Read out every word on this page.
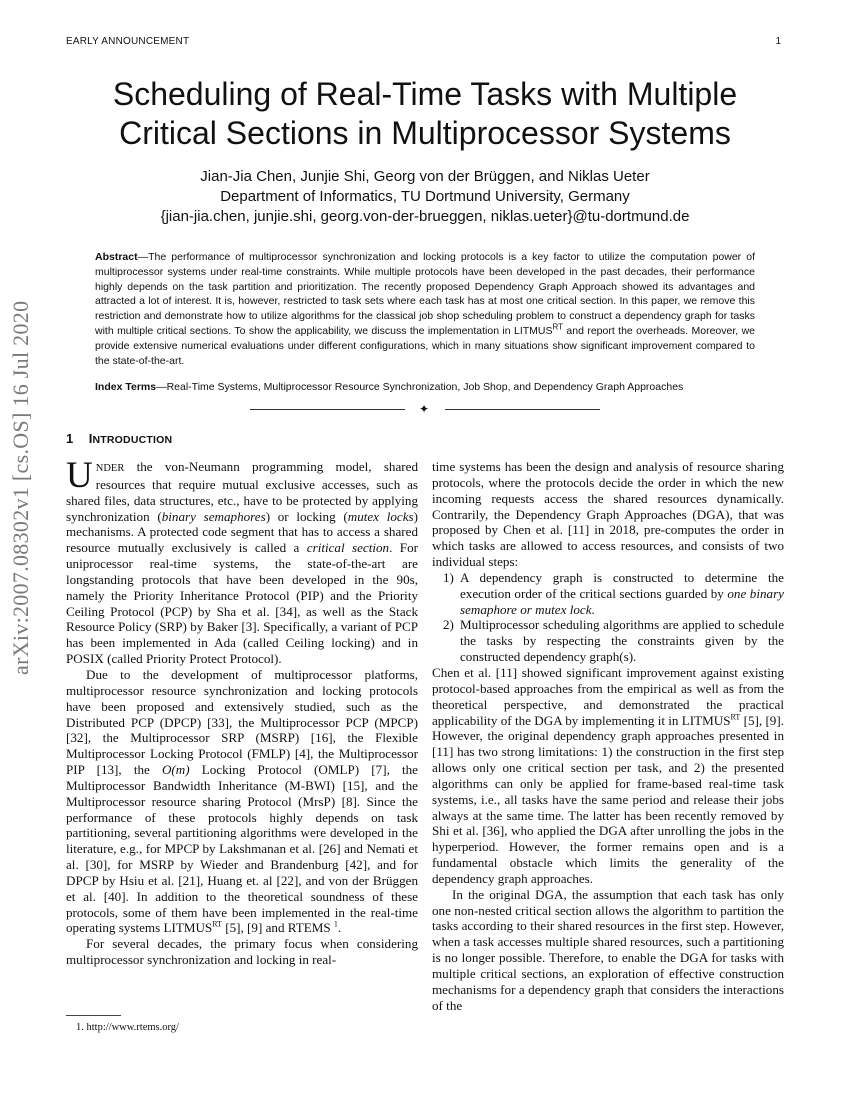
EARLY ANNOUNCEMENT	1
arXiv:2007.08302v1 [cs.OS] 16 Jul 2020
Scheduling of Real-Time Tasks with Multiple Critical Sections in Multiprocessor Systems
Jian-Jia Chen, Junjie Shi, Georg von der Brüggen, and Niklas Ueter
Department of Informatics, TU Dortmund University, Germany
{jian-jia.chen, junjie.shi, georg.von-der-brueggen, niklas.ueter}@tu-dortmund.de

Abstract—The performance of multiprocessor synchronization and locking protocols is a key factor to utilize the computation power of multiprocessor systems under real-time constraints. While multiple protocols have been developed in the past decades, their performance highly depends on the task partition and prioritization. The recently proposed Dependency Graph Approach showed its advantages and attracted a lot of interest. It is, however, restricted to task sets where each task has at most one critical section. In this paper, we remove this restriction and demonstrate how to utilize algorithms for the classical job shop scheduling problem to construct a dependency graph for tasks with multiple critical sections. To show the applicability, we discuss the implementation in $LITMUS^{RT}$ and report the overheads. Moreover, we provide extensive numerical evaluations under different configurations, which in many situations show significant improvement compared to the state-of-the-art.

Index Terms—Real-Time Systems, Multiprocessor Resource Synchronization, Job Shop, and Dependency Graph Approaches
✦
1 INTRODUCTION

UNDER the von-Neumann programming model, shared resources that require mutual exclusive accesses, such as shared files, data structures, etc., have to be protected by applying synchronization (binary semaphores) or locking (mutex locks) mechanisms. A protected code segment that has to access a shared resource mutually exclusively is called a critical section. For uniprocessor real-time systems, the state-of-the-art are longstanding protocols that have been developed in the 90s, namely the Priority Inheritance Protocol (PIP) and the Priority Ceiling Protocol (PCP) by Sha et al. [34], as well as the Stack Resource Policy (SRP) by Baker [3]. Specifically, a variant of PCP has been implemented in Ada (called Ceiling locking) and in POSIX (called Priority Protect Protocol).

Due to the development of multiprocessor platforms, multiprocessor resource synchronization and locking protocols have been proposed and extensively studied, such as the Distributed PCP (DPCP) [33], the Multiprocessor PCP (MPCP) [32], the Multiprocessor SRP (MSRP) [16], the Flexible Multiprocessor Locking Protocol (FMLP) [4], the Multiprocessor PIP [13], the O(m) Locking Protocol (OMLP) [7], the Multiprocessor Bandwidth Inheritance (M-BWI) [15], and the Multiprocessor resource sharing Protocol (MrsP) [8]. Since the performance of these protocols highly depends on task partitioning, several partitioning algorithms were developed in the literature, e.g., for MPCP by Lakshmanan et al. [26] and Nemati et al. [30], for MSRP by Wieder and Brandenburg [42], and for DPCP by Hsiu et al. [21], Huang et. al [22], and von der Brüggen et al. [40]. In addition to the theoretical soundness of these protocols, some of them have been implemented in the real-time operating systems $LITMUS^{RT}$ [5], [9] and RTEMS $^1$.

For several decades, the primary focus when considering multiprocessor synchronization and locking in real-

time systems has been the design and analysis of resource sharing protocols, where the protocols decide the order in which the new incoming requests access the shared resources dynamically. Contrarily, the Dependency Graph Approaches (DGA), that was proposed by Chen et al. [11] in 2018, pre-computes the order in which tasks are allowed to access resources, and consists of two individual steps:

1) A dependency graph is constructed to determine the execution order of the critical sections guarded by one binary semaphore or mutex lock.
2) Multiprocessor scheduling algorithms are applied to schedule the tasks by respecting the constraints given by the constructed dependency graph(s).

Chen et al. [11] showed significant improvement against existing protocol-based approaches from the empirical as well as from the theoretical perspective, and demonstrated the practical applicability of the DGA by implementing it in $LITMUS^{RT}$ [5], [9]. However, the original dependency graph approaches presented in [11] has two strong limitations: 1) the construction in the first step allows only one critical section per task, and 2) the presented algorithms can only be applied for frame-based real-time task systems, i.e., all tasks have the same period and release their jobs always at the same time. The latter has been recently removed by Shi et al. [36], who applied the DGA after unrolling the jobs in the hyperperiod. However, the former remains open and is a fundamental obstacle which limits the generality of the dependency graph approaches.

In the original DGA, the assumption that each task has only one non-nested critical section allows the algorithm to partition the tasks according to their shared resources in the first step. However, when a task accesses multiple shared resources, such a partitioning is no longer possible. Therefore, to enable the DGA for tasks with multiple critical sections, an exploration of effective construction mechanisms for a dependency graph that considers the interactions of the

1. http://www.rtems.org/
